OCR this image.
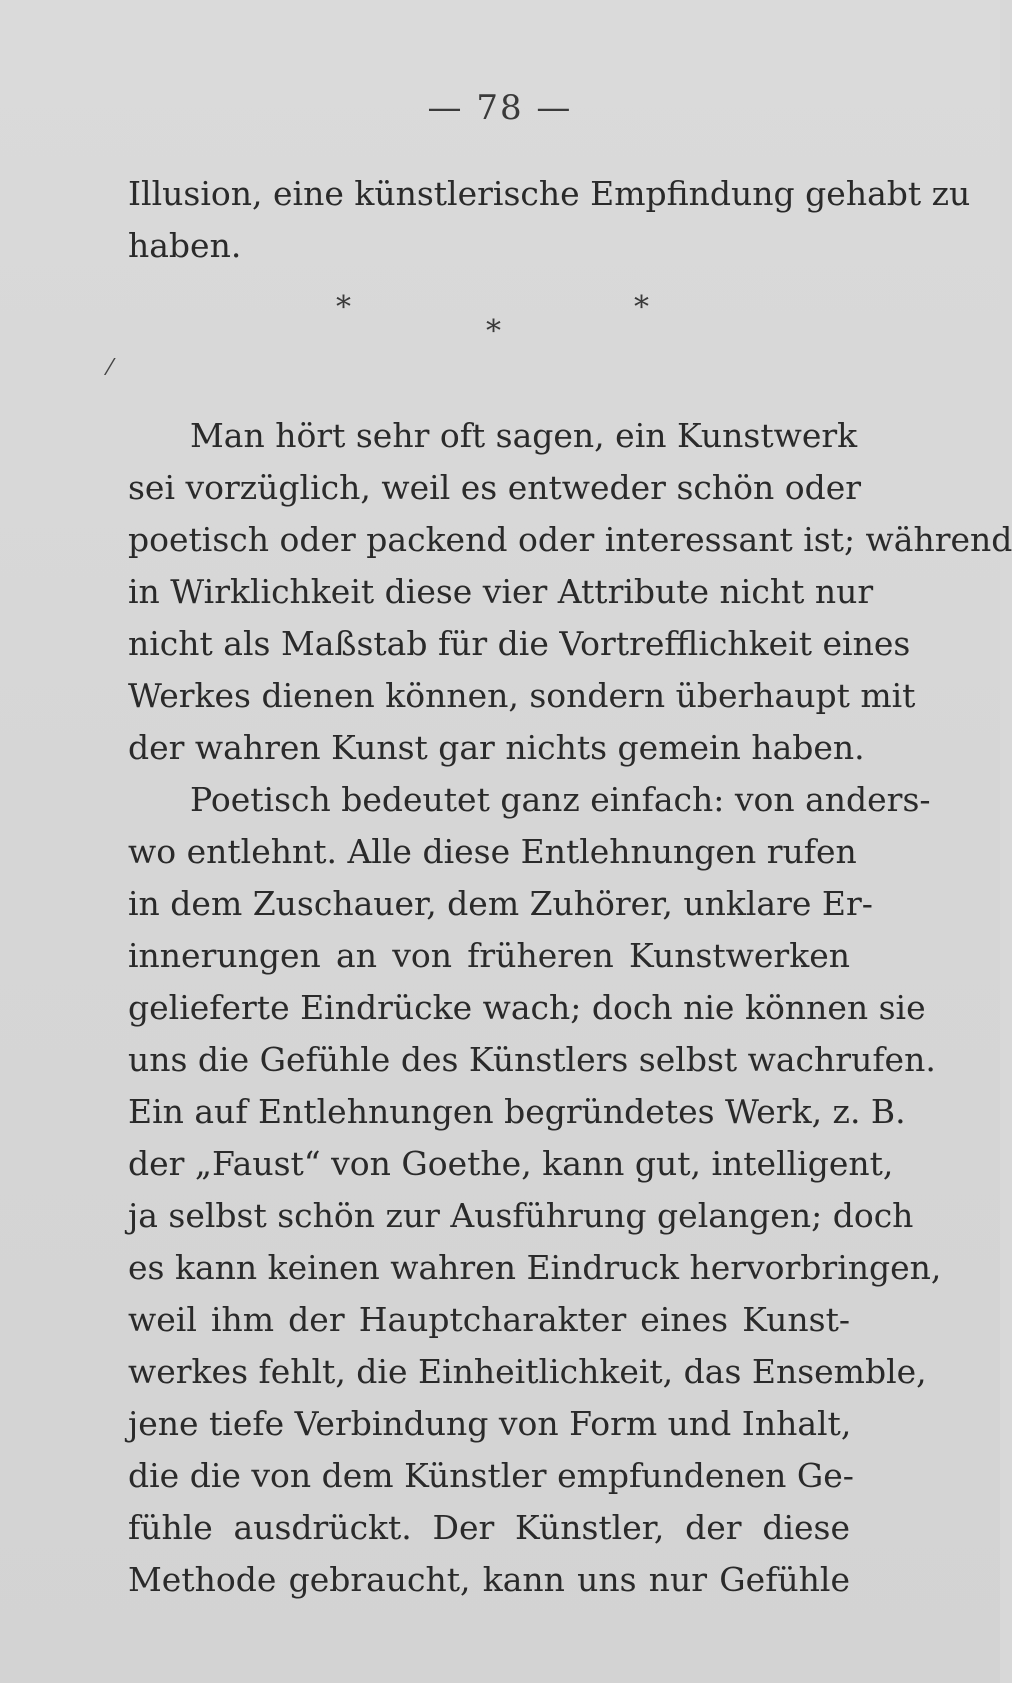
— 78 —
Illusion, eine künstlerische Empfindung gehabt zu
haben.
*
*
*
⁄
Man hört sehr oft sagen, ein Kunstwerk
sei vorzüglich, weil es entweder schön oder
poetisch oder packend oder interessant ist; während
in Wirklichkeit diese vier Attribute nicht nur
nicht als Maßstab für die Vortrefflichkeit eines
Werkes dienen können, sondern überhaupt mit
der wahren Kunst gar nichts gemein haben.
Poetisch bedeutet ganz einfach: von anders-
wo entlehnt. Alle diese Entlehnungen rufen
in dem Zuschauer, dem Zuhörer, unklare Er-
innerungen an von früheren Kunstwerken
gelieferte Eindrücke wach; doch nie können sie
uns die Gefühle des Künstlers selbst wachrufen.
Ein auf Entlehnungen begründetes Werk, z. B.
der „Faust“ von Goethe, kann gut, intelligent,
ja selbst schön zur Ausführung gelangen; doch
es kann keinen wahren Eindruck hervorbringen,
weil ihm der Hauptcharakter eines Kunst-
werkes fehlt, die Einheitlichkeit, das Ensemble,
jene tiefe Verbindung von Form und Inhalt,
die die von dem Künstler empfundenen Ge-
fühle ausdrückt. Der Künstler, der diese
Methode gebraucht, kann uns nur Gefühle
